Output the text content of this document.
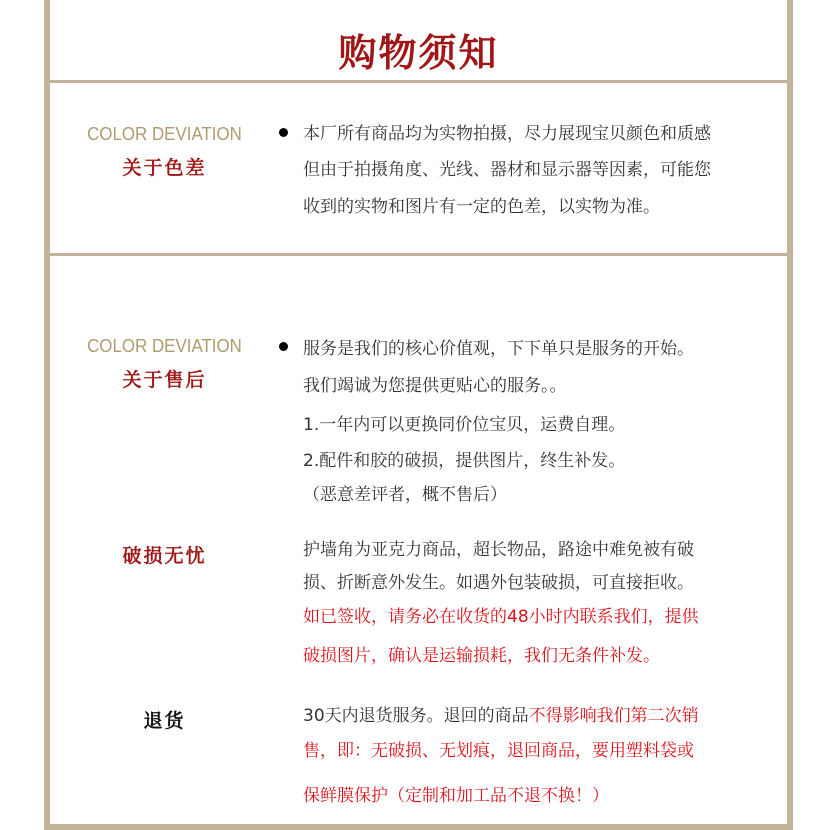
购物须知
COLOR DEVIATION
关于色差
本厂所有商品均为实物拍摄，尽力展现宝贝颜色和质感
但由于拍摄角度、光线、器材和显示器等因素，可能您
收到的实物和图片有一定的色差，以实物为准。
COLOR DEVIATION
关于售后
服务是我们的核心价值观，下下单只是服务的开始。
我们竭诚为您提供更贴心的服务。。
1.一年内可以更换同价位宝贝，运费自理。
2.配件和胶的破损，提供图片，终生补发。
（恶意差评者，概不售后）
破损无忧	护墙角为亚克力商品，超长物品，路途中难免被有破
损、折断意外发生。如遇外包装破损，可直接拒收。
如已签收，请务必在收货的48小时内联系我们，提供
破损图片，确认是运输损耗，我们无条件补发。
退货	30天内退货服务。退回的商品不得影响我们第二次销
售，即：无破损、无划痕，退回商品，要用塑料袋或
保鲜膜保护（定制和加工品不退不换！）
